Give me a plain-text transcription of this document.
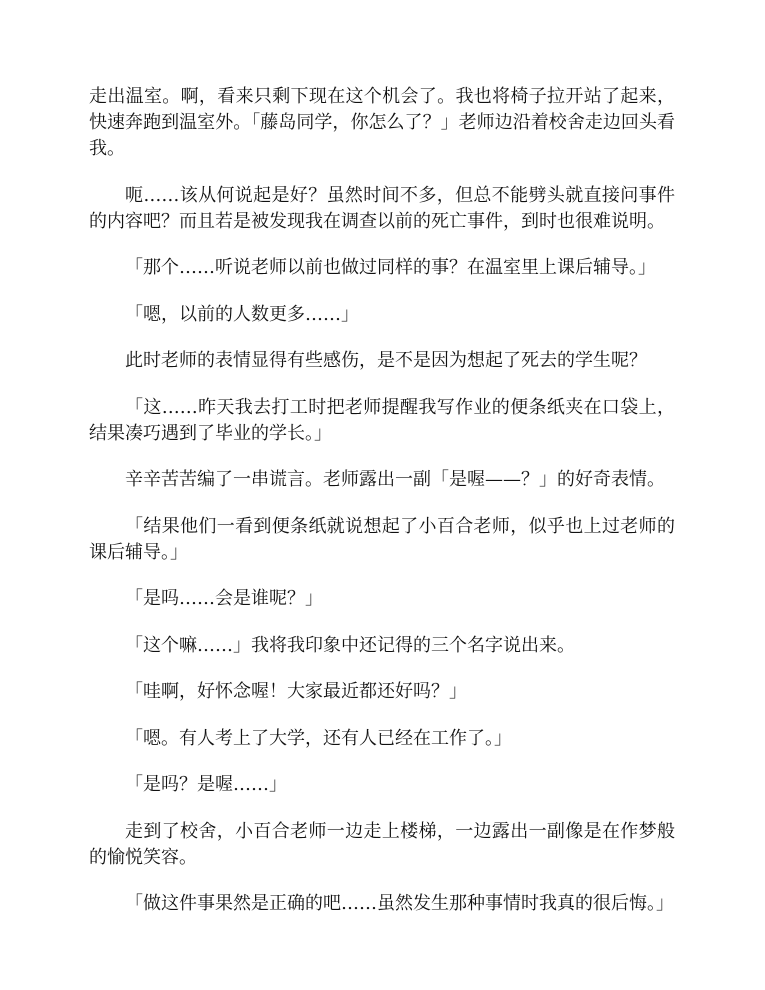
走出温室。啊，看来只剩下现在这个机会了。我也将椅子拉开站了起来，快速奔跑到温室外。「藤岛同学，你怎么了？」老师边沿着校舍走边回头看我。

呃……该从何说起是好？虽然时间不多，但总不能劈头就直接问事件的内容吧？而且若是被发现我在调查以前的死亡事件，到时也很难说明。

「那个……听说老师以前也做过同样的事？在温室里上课后辅导。」

「嗯，以前的人数更多……」

此时老师的表情显得有些感伤，是不是因为想起了死去的学生呢？

「这……昨天我去打工时把老师提醒我写作业的便条纸夹在口袋上，结果凑巧遇到了毕业的学长。」

辛辛苦苦编了一串谎言。老师露出一副「是喔——？」的好奇表情。

「结果他们一看到便条纸就说想起了小百合老师，似乎也上过老师的课后辅导。」

「是吗……会是谁呢？」

「这个嘛……」我将我印象中还记得的三个名字说出来。

「哇啊，好怀念喔！大家最近都还好吗？」

「嗯。有人考上了大学，还有人已经在工作了。」

「是吗？是喔……」

走到了校舍，小百合老师一边走上楼梯，一边露出一副像是在作梦般的愉悦笑容。

「做这件事果然是正确的吧……虽然发生那种事情时我真的很后悔。」
